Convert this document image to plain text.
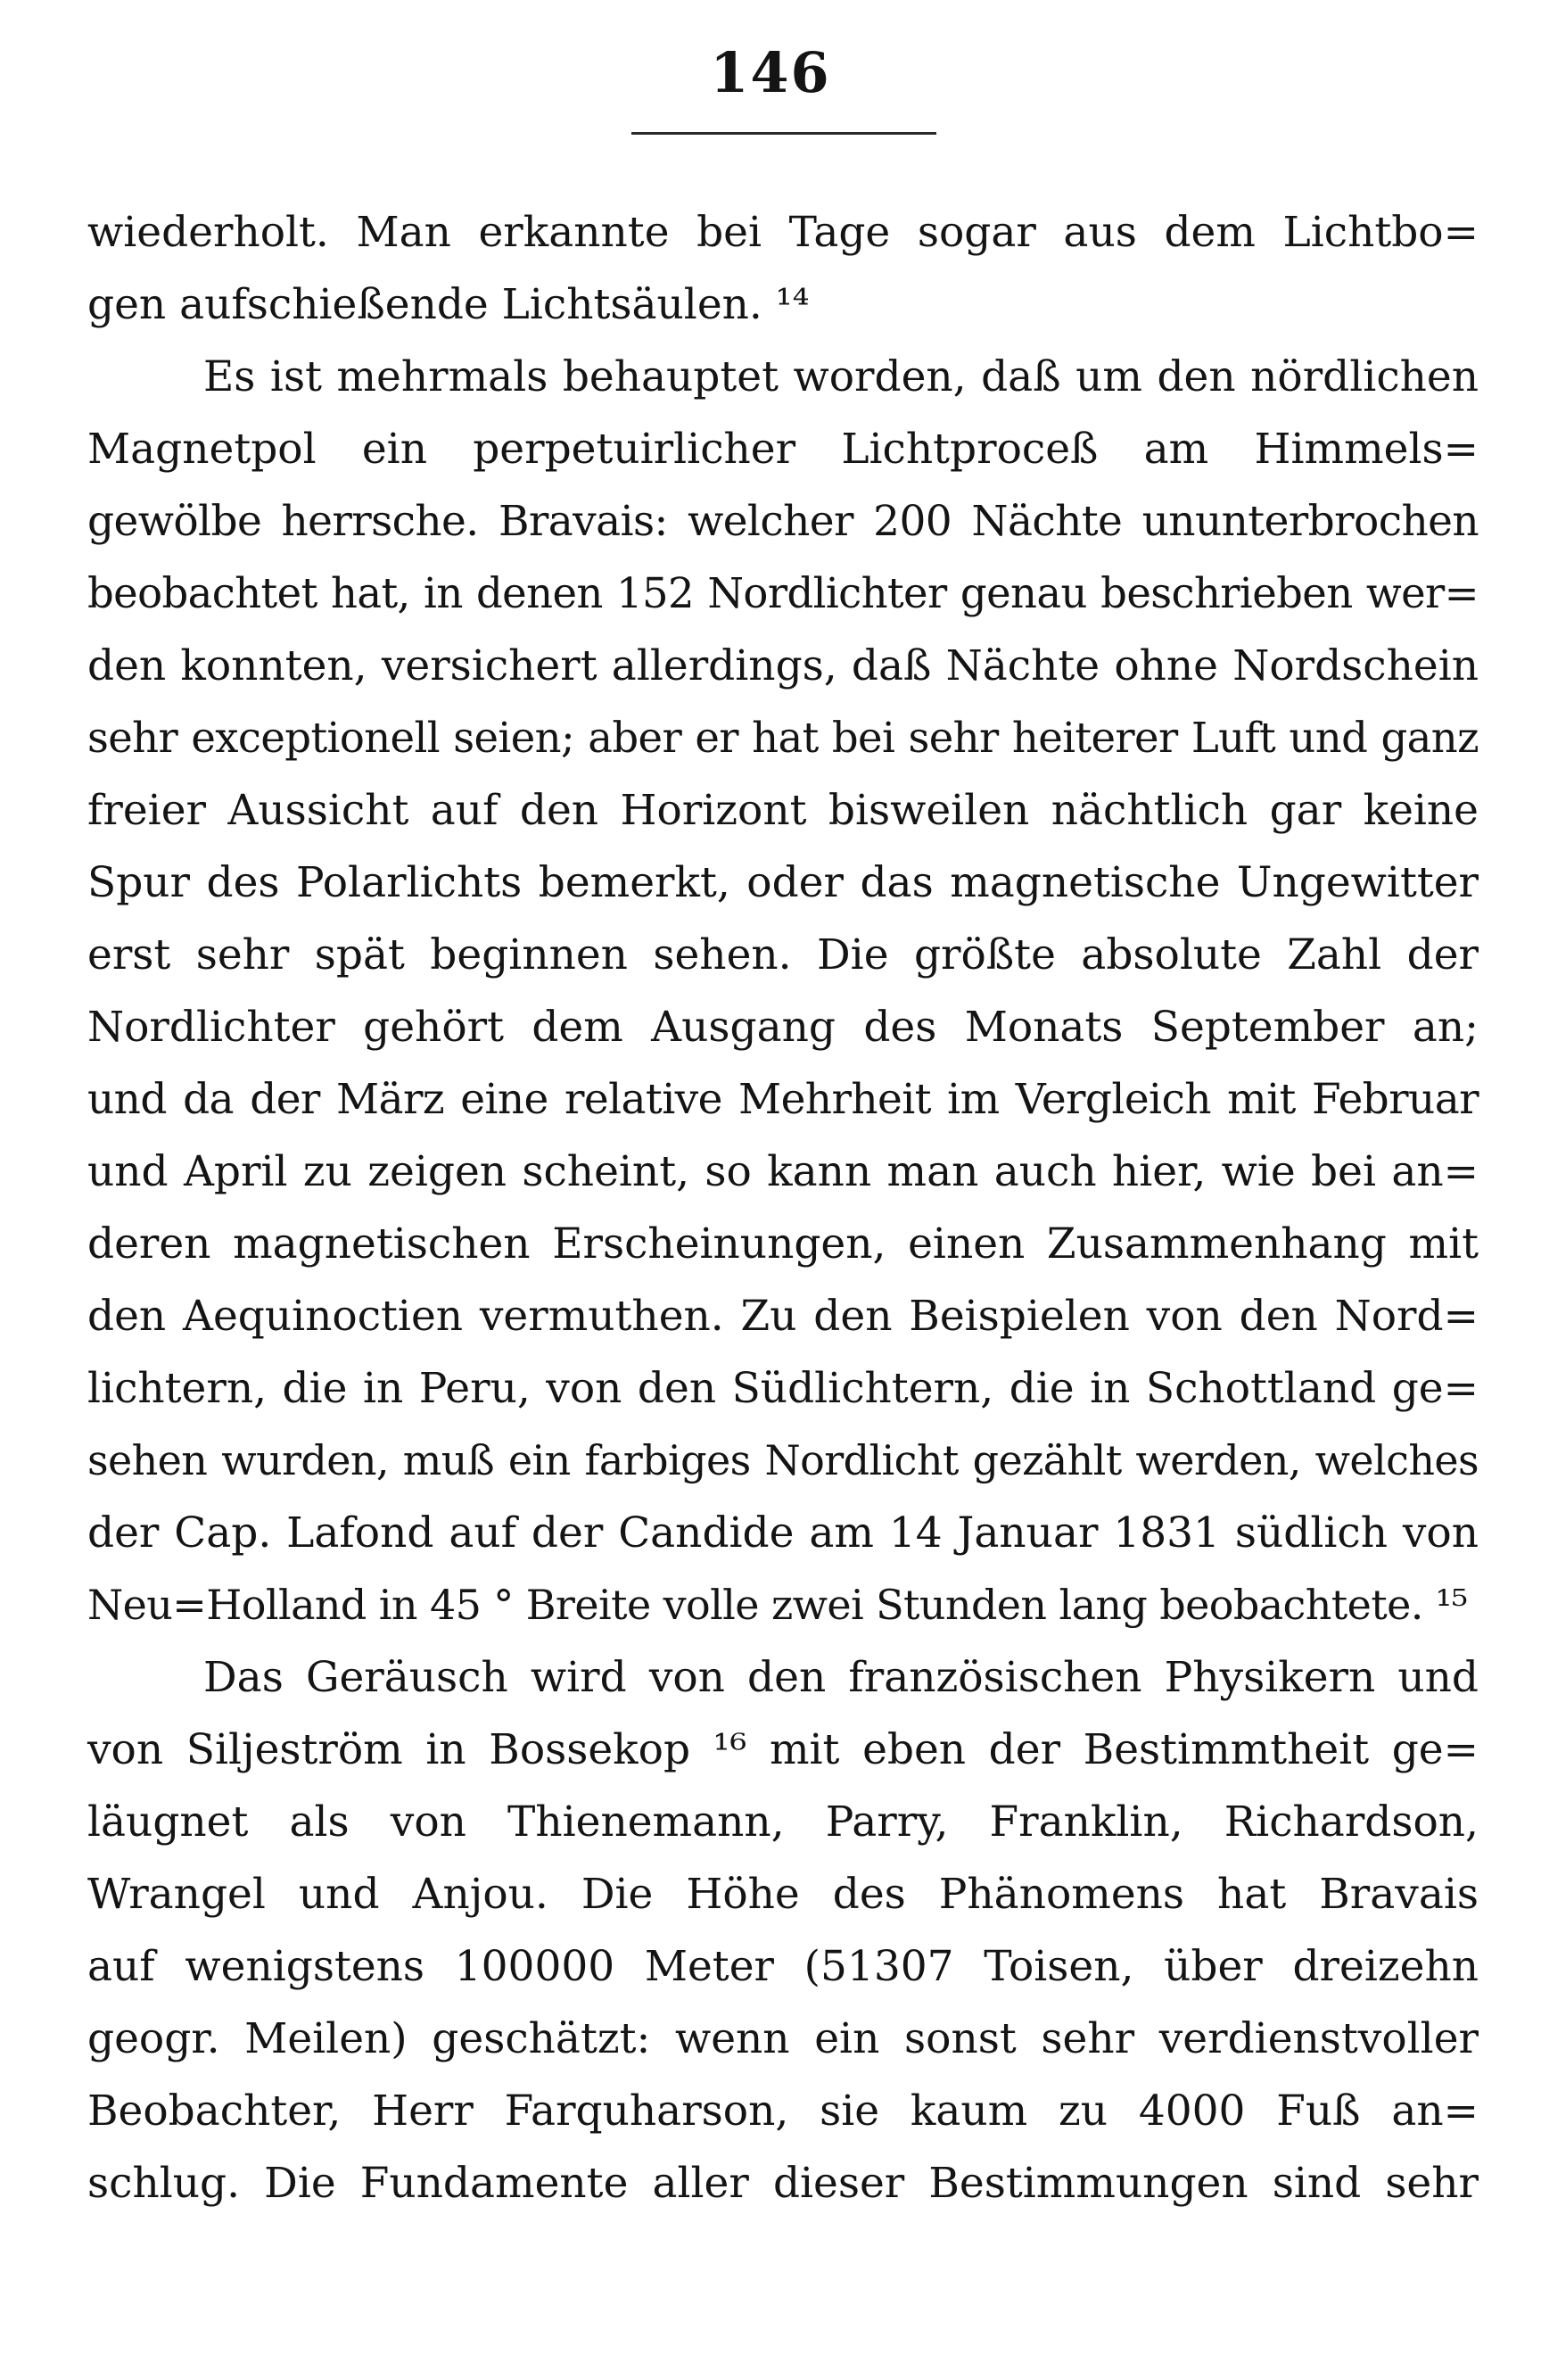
146
wiederholt. Man erkannte bei Tage sogar aus dem Lichtbo=
gen aufschießende Lichtsäulen. ¹⁴
Es ist mehrmals behauptet worden, daß um den nördlichen
Magnetpol ein perpetuirlicher Lichtproceß am Himmels=
gewölbe herrsche. Bravais: welcher 200 Nächte ununterbrochen
beobachtet hat, in denen 152 Nordlichter genau beschrieben wer=
den konnten, versichert allerdings, daß Nächte ohne Nordschein
sehr exceptionell seien; aber er hat bei sehr heiterer Luft und ganz
freier Aussicht auf den Horizont bisweilen nächtlich gar keine
Spur des Polarlichts bemerkt, oder das magnetische Ungewitter
erst sehr spät beginnen sehen. Die größte absolute Zahl der
Nordlichter gehört dem Ausgang des Monats September an;
und da der März eine relative Mehrheit im Vergleich mit Februar
und April zu zeigen scheint, so kann man auch hier, wie bei an=
deren magnetischen Erscheinungen, einen Zusammenhang mit
den Aequinoctien vermuthen. Zu den Beispielen von den Nord=
lichtern, die in Peru, von den Südlichtern, die in Schottland ge=
sehen wurden, muß ein farbiges Nordlicht gezählt werden, welches
der Cap. Lafond auf der Candide am 14 Januar 1831 südlich von
Neu=Holland in 45 ° Breite volle zwei Stunden lang beobachtete. ¹⁵
Das Geräusch wird von den französischen Physikern und
von Siljeström in Bossekop ¹⁶ mit eben der Bestimmtheit ge=
läugnet als von Thienemann, Parry, Franklin, Richardson,
Wrangel und Anjou. Die Höhe des Phänomens hat Bravais
auf wenigstens 100000 Meter (51307 Toisen, über dreizehn
geogr. Meilen) geschätzt: wenn ein sonst sehr verdienstvoller
Beobachter, Herr Farquharson, sie kaum zu 4000 Fuß an=
schlug. Die Fundamente aller dieser Bestimmungen sind sehr
